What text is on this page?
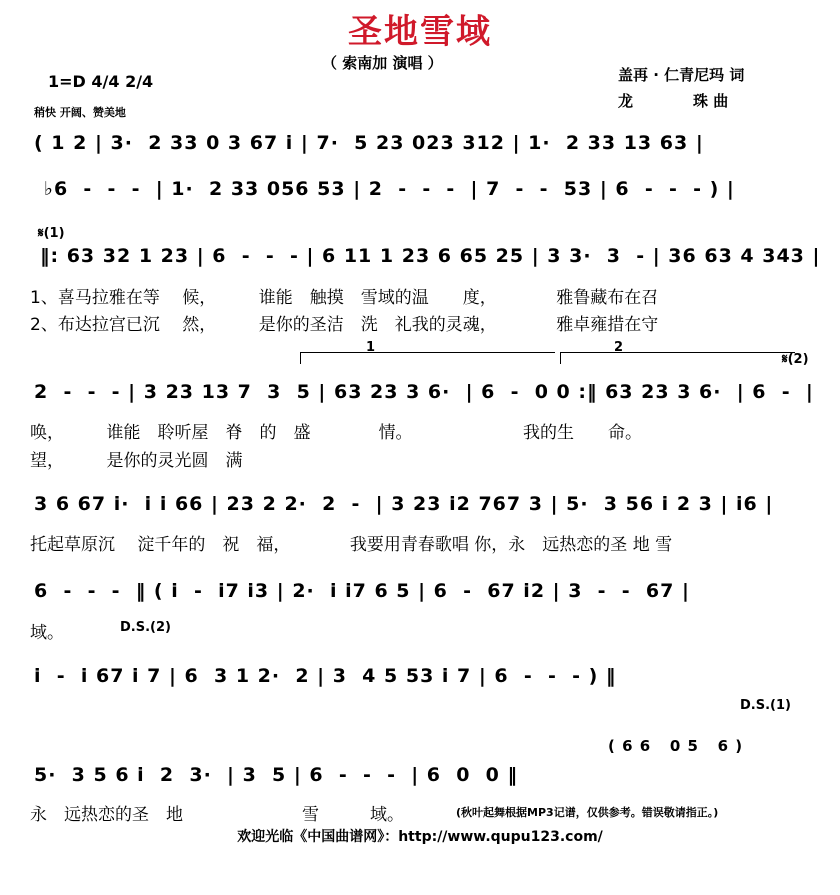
圣地雪域
（ 索南加 演唱 ）
盖再 · 仁青尼玛 词
龙　　　　珠 曲
1=D 4/4 2/4
稍快 开阔、赞美地
( 1 2 | 3·  2 33 0 3 67 i | 7·  5 23 023 312 | 1·  2 33 13 63 |
♭6  -  -  -  | 1·  2 33 056 53 | 2  -  -  -  | 7  -  -  53 | 6  -  -  - ) |
𝄋(1)
‖: 63 32 1 23 | 6  -  -  - | 6 11 1 23 6 65 25 | 3 3·  3  - | 36 63 4 343 |
1、喜马拉雅在等　 候，　　　谁能　触摸　雪域的温　　度，　　　　雅鲁藏布在召
2、布达拉宫已沉　 然，　　　是你的圣洁　洗　礼我的灵魂，　　　　雅卓雍措在守
1	2
𝄋(2)
2  -  -  - | 3 23 13 7  3  5 | 63 23 3 6·  | 6  -  0 0 :‖ 63 23 3 6·  | 6  -  |
唤，　　　谁能　聆听屋　脊　的　盛　　　　情。　　　　　　　我的生　　命。
望，　　　是你的灵光圆　满
3 6 67 i·  i i 66 | 23 2 2·  2  -  | 3 23 i2 767 3 | 5·  3 56 i 2 3 | i6 |
托起草原沉　 淀千年的　祝　福，　　　　我要用青春歌唱 你，永　远热恋的圣 地 雪
6  -  -  -  ‖ ( i  -  i7 i3 | 2·  i i7 6 5 | 6  -  67 i2 | 3  -  -  67 |
域。	D.S.(2)
i  -  i 67 i 7 | 6  3 1 2·  2 | 3  4 5 53 i 7 | 6  -  -  - ) ‖
D.S.(1)
( 6 6   0 5   6 )
5·  3 5 6 i  2  3·  | 3  5 | 6  -  -  -  | 6  0  0 ‖
永　远热恋的圣　地　　　　　　　雪　　　域。	(秋叶起舞根据MP3记谱，仅供参考。错误敬请指正。)
欢迎光临《中国曲谱网》：http://www.qupu123.com/
